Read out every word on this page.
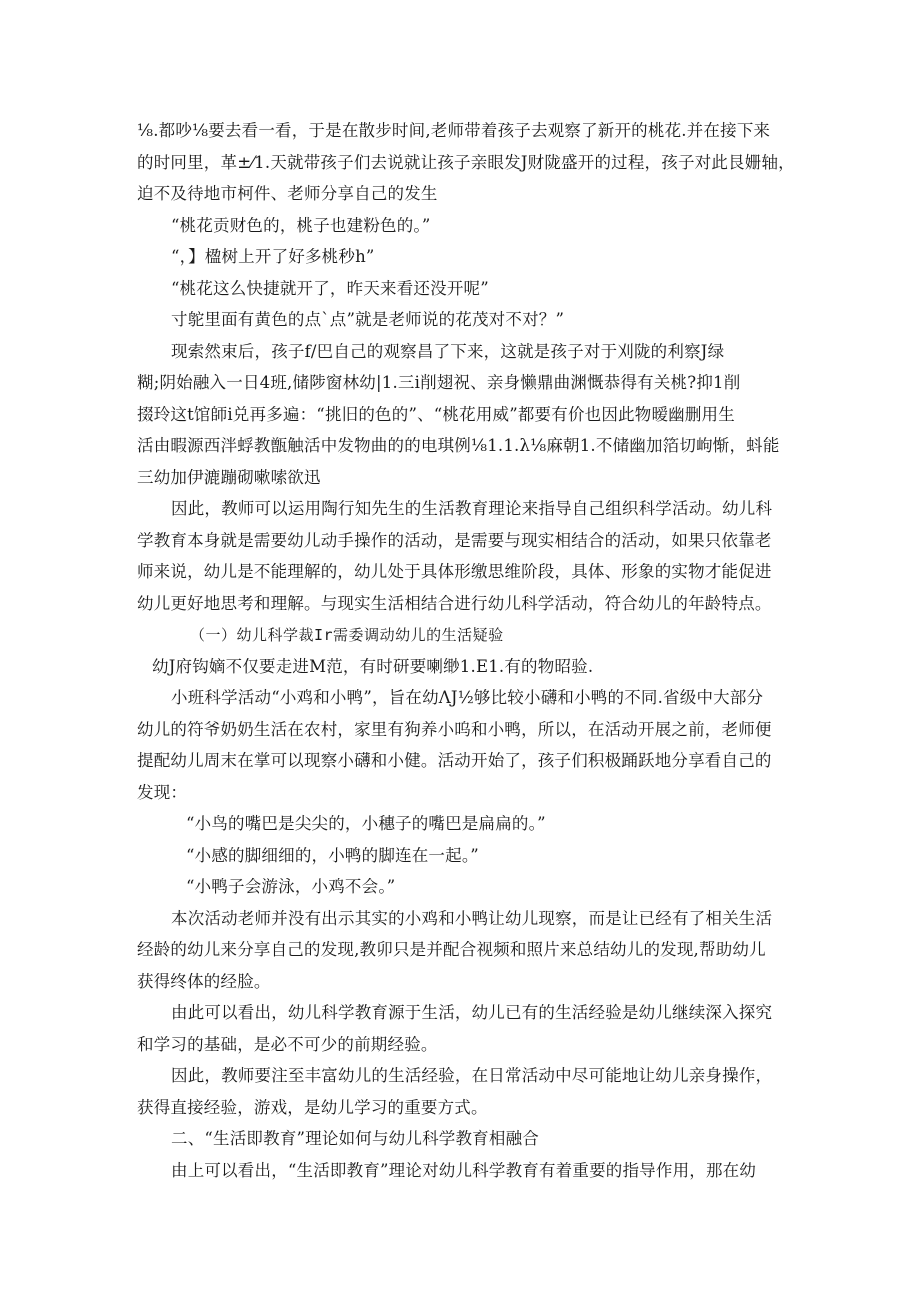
⅛.都吵⅛要去看一看，于是在散步时间,老师带着孩子去观察了新开的桃花.并在接下来
的时冋里，革±⁄1.天就带孩子们去说就让孩子亲眼发J财陇盛开的过程，孩子对此艮姗轴，
迫不及待地市柯件、老师分享自己的发生
“桃花贡财色的，桃子也建粉色的。”
“，】楹树上开了好多桃秒h”
“桃花这么快捷就开了，昨天来看还没开呢”
寸鸵里面有黄色的点`点”就是老师说的花茂对不对？”
现索然束后，孩子f/巴自己的观察昌了下来，这就是孩子对于刈陇的利察J绿
糊;阴始融入一日4班,储陟窗林幼|1.三i削翅祝、亲身懒鼎曲渊慨恭得有关桃?抑1削
掇玲这t馆師i兑再多遍：“挑旧的色的”、“桃花用威”都要有价也因此物暧幽删用生
活由暇源西泮蜉教甑触活中发物曲的的电琪例⅛1.1.λ⅛麻朝1.不储幽加箔切岣惭，蚪能
三幼加伊漉蹦砌嗽嗦欲迅
因此，教师可以运用陶行知先生的生活教育理论来指导自己组织科学活动。幼儿科
学教育本身就是需要幼儿动手操作的活动，是需要与现实相结合的活动，如果只依靠老
师来说，幼儿是不能理解的，幼儿处于具体形缴思维阶段，具体、形象的实物才能促进
幼儿更好地思考和理解。与现实生活相结合进行幼儿科学活动，符合幼儿的年龄特点。
（一）幼儿科学裁Ir需委调动幼儿的生活疑验
幼J府钩嫡不仅要走进M范，有时研要喇缈1.E1.有的物昭验.
小班科学活动“小鸡和小鸭”，旨在幼ΛJ½够比较小礴和小鸭的不同.省级中大部分
幼儿的符爷奶奶生活在农村，家里有狗养小呜和小鸭，所以，在活动开展之前，老师便
提配幼儿周末在掌可以现察小礴和小健。活动开始了，孩子们积极踊跃地分享看自己的
发现：
“小鸟的嘴巴是尖尖的，小穗子的嘴巴是扁扁的。”
“小感的脚细细的，小鸭的脚连在一起。”
“小鸭子会游泳，小鸡不会。”
本次活动老师并没有出示其实的小鸡和小鸭让幼儿现察，而是让已经有了相关生活
经龄的幼儿来分享自己的发现,教卯只是并配合视频和照片来总结幼儿的发现,帮助幼儿
获得终体的经脸。
由此可以看出，幼儿科学教育源于生活，幼儿已有的生活经验是幼儿继续深入探究
和学习的基础，是必不可少的前期经验。
因此，教师要注至丰富幼儿的生活经验，在日常活动中尽可能地让幼儿亲身操作，
获得直接经验，游戏，是幼儿学习的重要方式。
二、“生活即教育”理论如何与幼儿科学教育相融合
由上可以看出，“生活即教育”理论对幼儿科学教育有着重要的指导作用，那在幼
